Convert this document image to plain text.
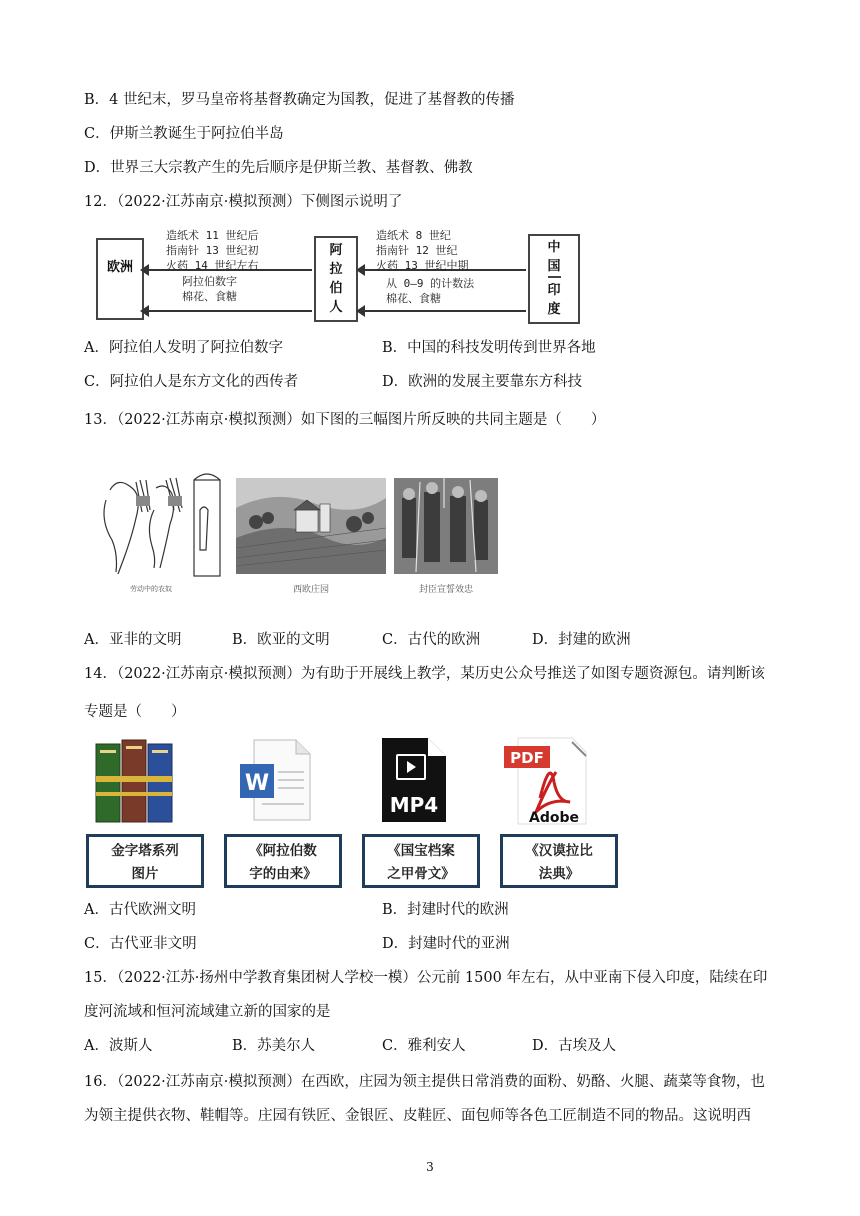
B．4 世纪末，罗马皇帝将基督教确定为国教，促进了基督教的传播
C．伊斯兰教诞生于阿拉伯半岛
D．世界三大宗教产生的先后顺序是伊斯兰教、基督教、佛教
12．（2022·江苏南京·模拟预测）下侧图示说明了
欧洲
阿拉伯人
中国
印度
造纸术 11 世纪后
指南针 13 世纪初
火药 14 世纪左右
阿拉伯数字
棉花、食糖
造纸术 8 世纪
指南针 12 世纪
火药 13 世纪中期
从 0—9 的计数法
棉花、食糖
A．阿拉伯人发明了阿拉伯数字	B．中国的科技发明传到世界各地
C．阿拉伯人是东方文化的西传者	D．欧洲的发展主要靠东方科技
13．（2022·江苏南京·模拟预测）如下图的三幅图片所反映的共同主题是（　　）
劳动中的农奴	西欧庄园	封臣宣誓效忠
A．亚非的文明	B．欧亚的文明	C．古代的欧洲	D．封建的欧洲
14．（2022·江苏南京·模拟预测）为有助于开展线上教学，某历史公众号推送了如图专题资源包。请判断该
专题是（　　）
金字塔系列
图片
W
《阿拉伯数
字的由来》
MP4
《国宝档案
之甲骨文》
PDF
Adobe
《汉谟拉比
法典》
A．古代欧洲文明	B．封建时代的欧洲
C．古代亚非文明	D．封建时代的亚洲
15．（2022·江苏·扬州中学教育集团树人学校一模）公元前 1500 年左右，从中亚南下侵入印度，陆续在印
度河流域和恒河流域建立新的国家的是
A．波斯人	B．苏美尔人	C．雅利安人	D．古埃及人
16．（2022·江苏南京·模拟预测）在西欧，庄园为领主提供日常消费的面粉、奶酪、火腿、蔬菜等食物，也
为领主提供衣物、鞋帽等。庄园有铁匠、金银匠、皮鞋匠、面包师等各色工匠制造不同的物品。这说明西
3
